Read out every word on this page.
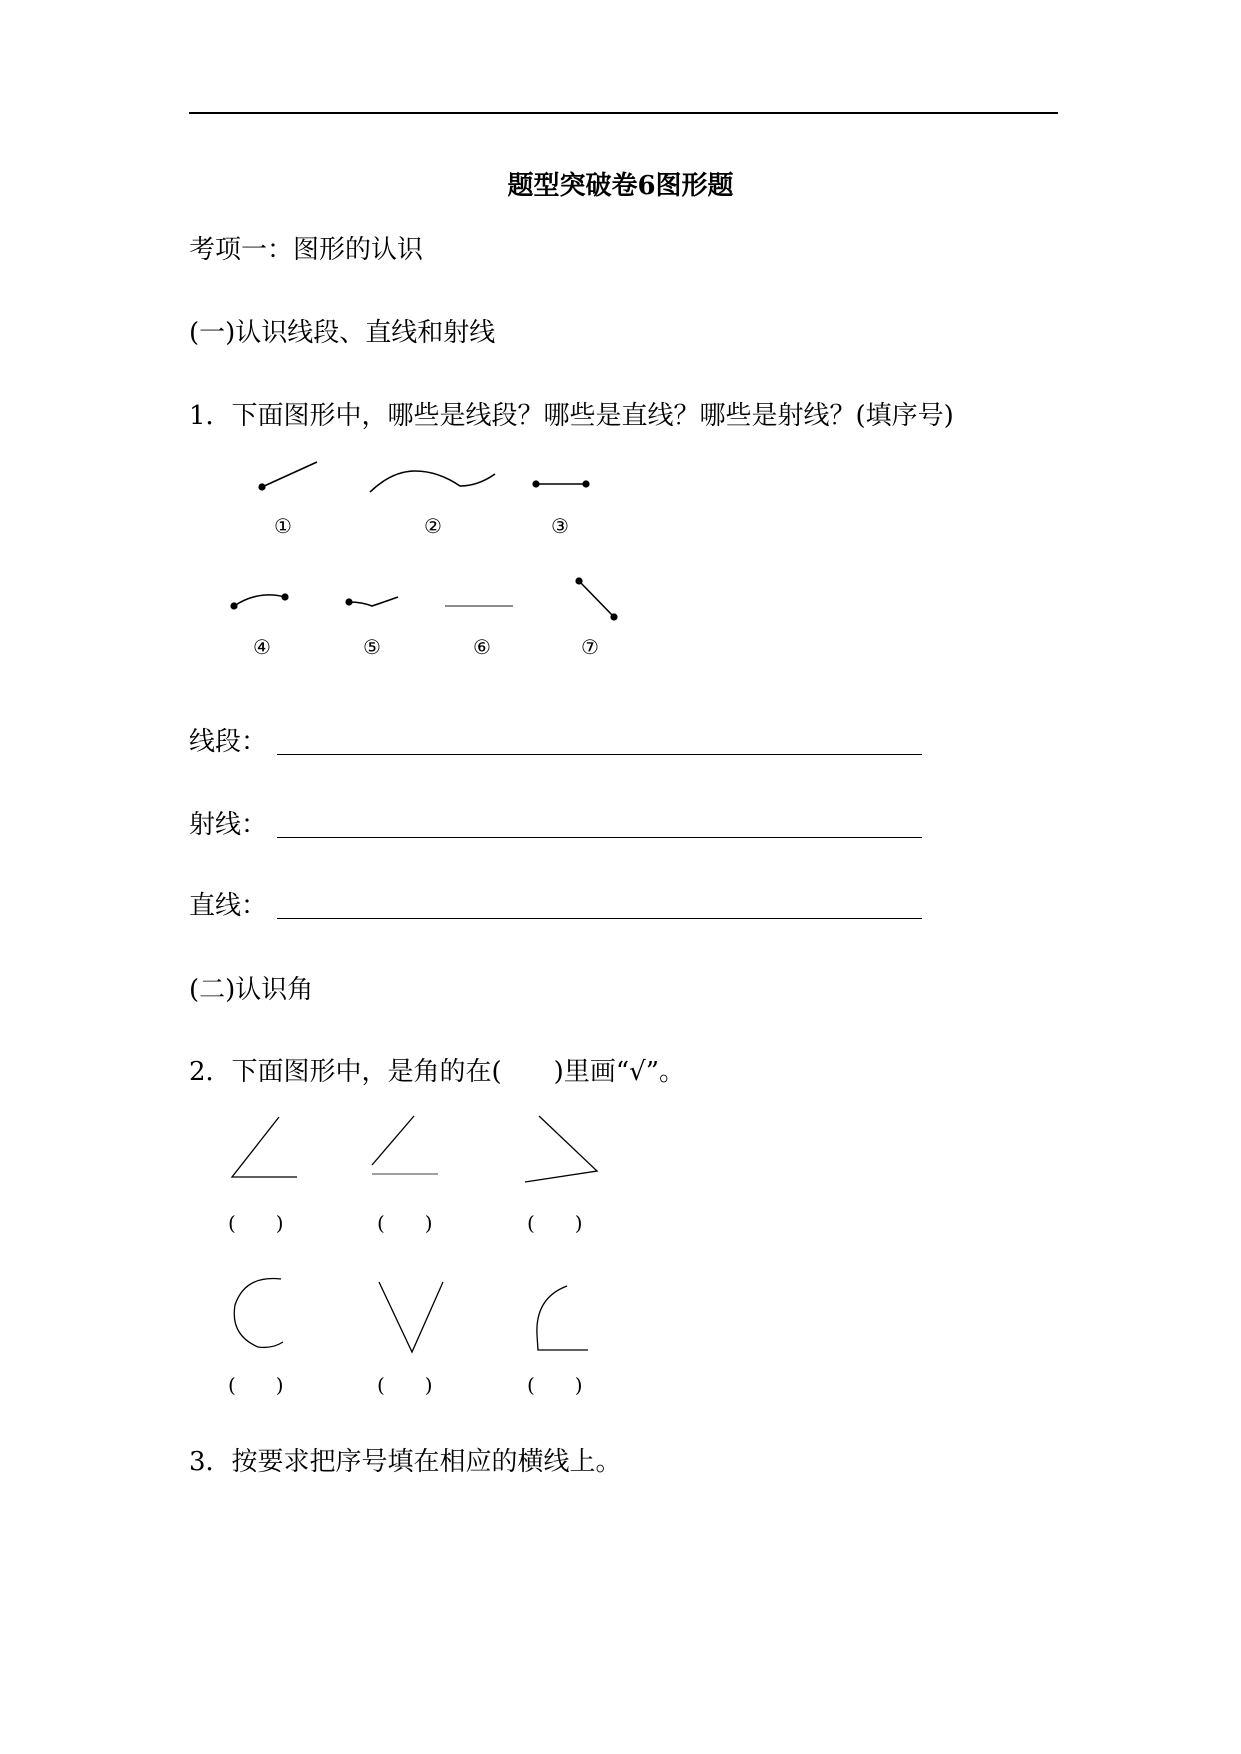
题型突破卷6图形题
考项一：图形的认识
(一)认识线段、直线和射线
1．下面图形中，哪些是线段？哪些是直线？哪些是射线？(填序号)
①	②	③
④	⑤	⑥	⑦
线段：
射线：
直线：
(二)认识角
2．下面图形中，是角的在(　　)里画“√”。
(　　)	(　　)	(　　)
(　　)	(　　)	(　　)
3．按要求把序号填在相应的横线上。
